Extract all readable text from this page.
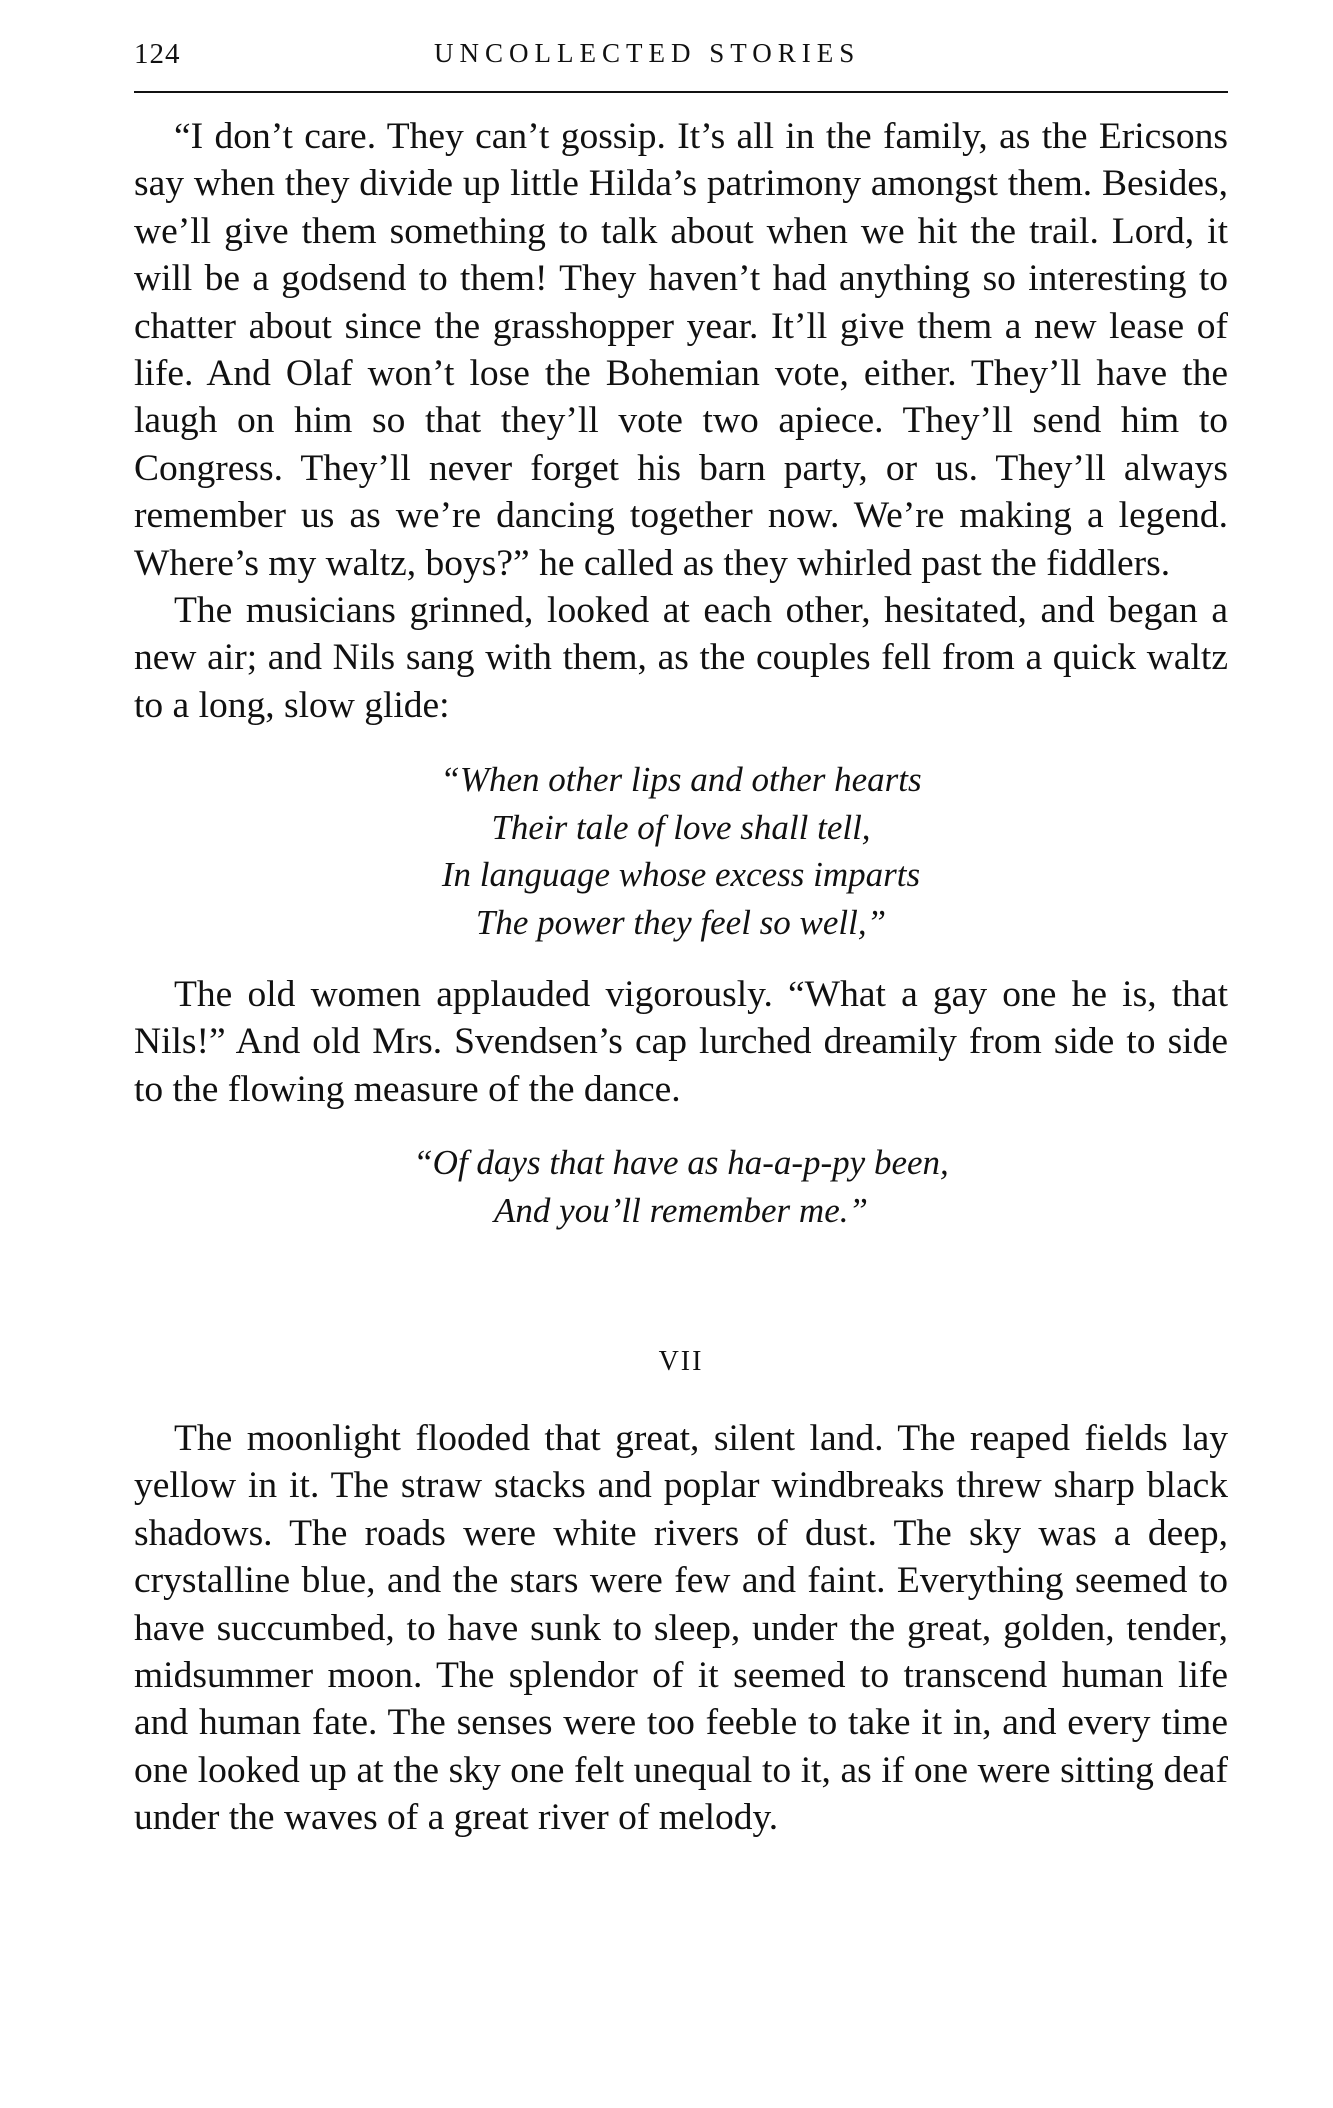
124	UNCOLLECTED STORIES

“I don’t care. They can’t gossip. It’s all in the family, as the Ericsons say when they divide up little Hilda’s patrimony amongst them. Besides, we’ll give them something to talk about when we hit the trail. Lord, it will be a godsend to them! They haven’t had anything so interesting to chatter about since the grasshopper year. It’ll give them a new lease of life. And Olaf won’t lose the Bohemian vote, either. They’ll have the laugh on him so that they’ll vote two apiece. They’ll send him to Congress. They’ll never forget his barn party, or us. They’ll always remember us as we’re dancing together now. We’re making a legend. Where’s my waltz, boys?” he called as they whirled past the fiddlers.

The musicians grinned, looked at each other, hesitated, and began a new air; and Nils sang with them, as the couples fell from a quick waltz to a long, slow glide:

“When other lips and other hearts
Their tale of love shall tell,
In language whose excess imparts
The power they feel so well,”

The old women applauded vigorously. “What a gay one he is, that Nils!” And old Mrs. Svendsen’s cap lurched dreamily from side to side to the flowing measure of the dance.

“Of days that have as ha-a-p-py been,
And you’ll remember me.”

VII

The moonlight flooded that great, silent land. The reaped fields lay yellow in it. The straw stacks and poplar windbreaks threw sharp black shadows. The roads were white rivers of dust. The sky was a deep, crystalline blue, and the stars were few and faint. Everything seemed to have succumbed, to have sunk to sleep, under the great, golden, tender, midsummer moon. The splendor of it seemed to transcend human life and human fate. The senses were too feeble to take it in, and every time one looked up at the sky one felt unequal to it, as if one were sitting deaf under the waves of a great river of melody.
